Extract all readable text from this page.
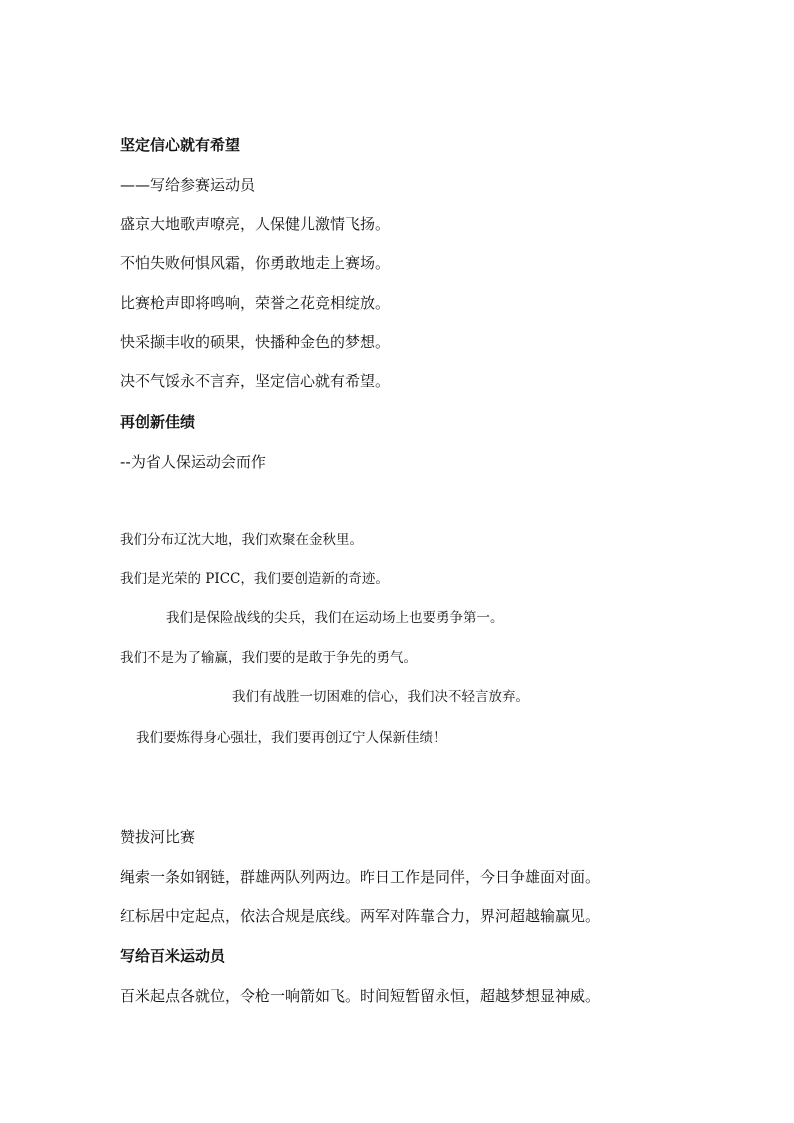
坚定信心就有希望
——写给参赛运动员
盛京大地歌声嘹亮，人保健儿激情飞扬。
不怕失败何惧风霜，你勇敢地走上赛场。
比赛枪声即将鸣响，荣誉之花竞相绽放。
快采撷丰收的硕果，快播种金色的梦想。
决不气馁永不言弃，坚定信心就有希望。
再创新佳绩
--为省人保运动会而作
我们分布辽沈大地，我们欢聚在金秋里。
我们是光荣的 PICC，我们要创造新的奇迹。
我们是保险战线的尖兵，我们在运动场上也要勇争第一。
我们不是为了输赢，我们要的是敢于争先的勇气。
我们有战胜一切困难的信心，我们决不轻言放弃。
我们要炼得身心强壮，我们要再创辽宁人保新佳绩！
赞拔河比赛
绳索一条如钢链，群雄两队列两边。昨日工作是同伴，今日争雄面对面。
红标居中定起点，依法合规是底线。两军对阵靠合力，界河超越输赢见。
写给百米运动员
百米起点各就位，令枪一响箭如飞。时间短暂留永恒，超越梦想显神威。
